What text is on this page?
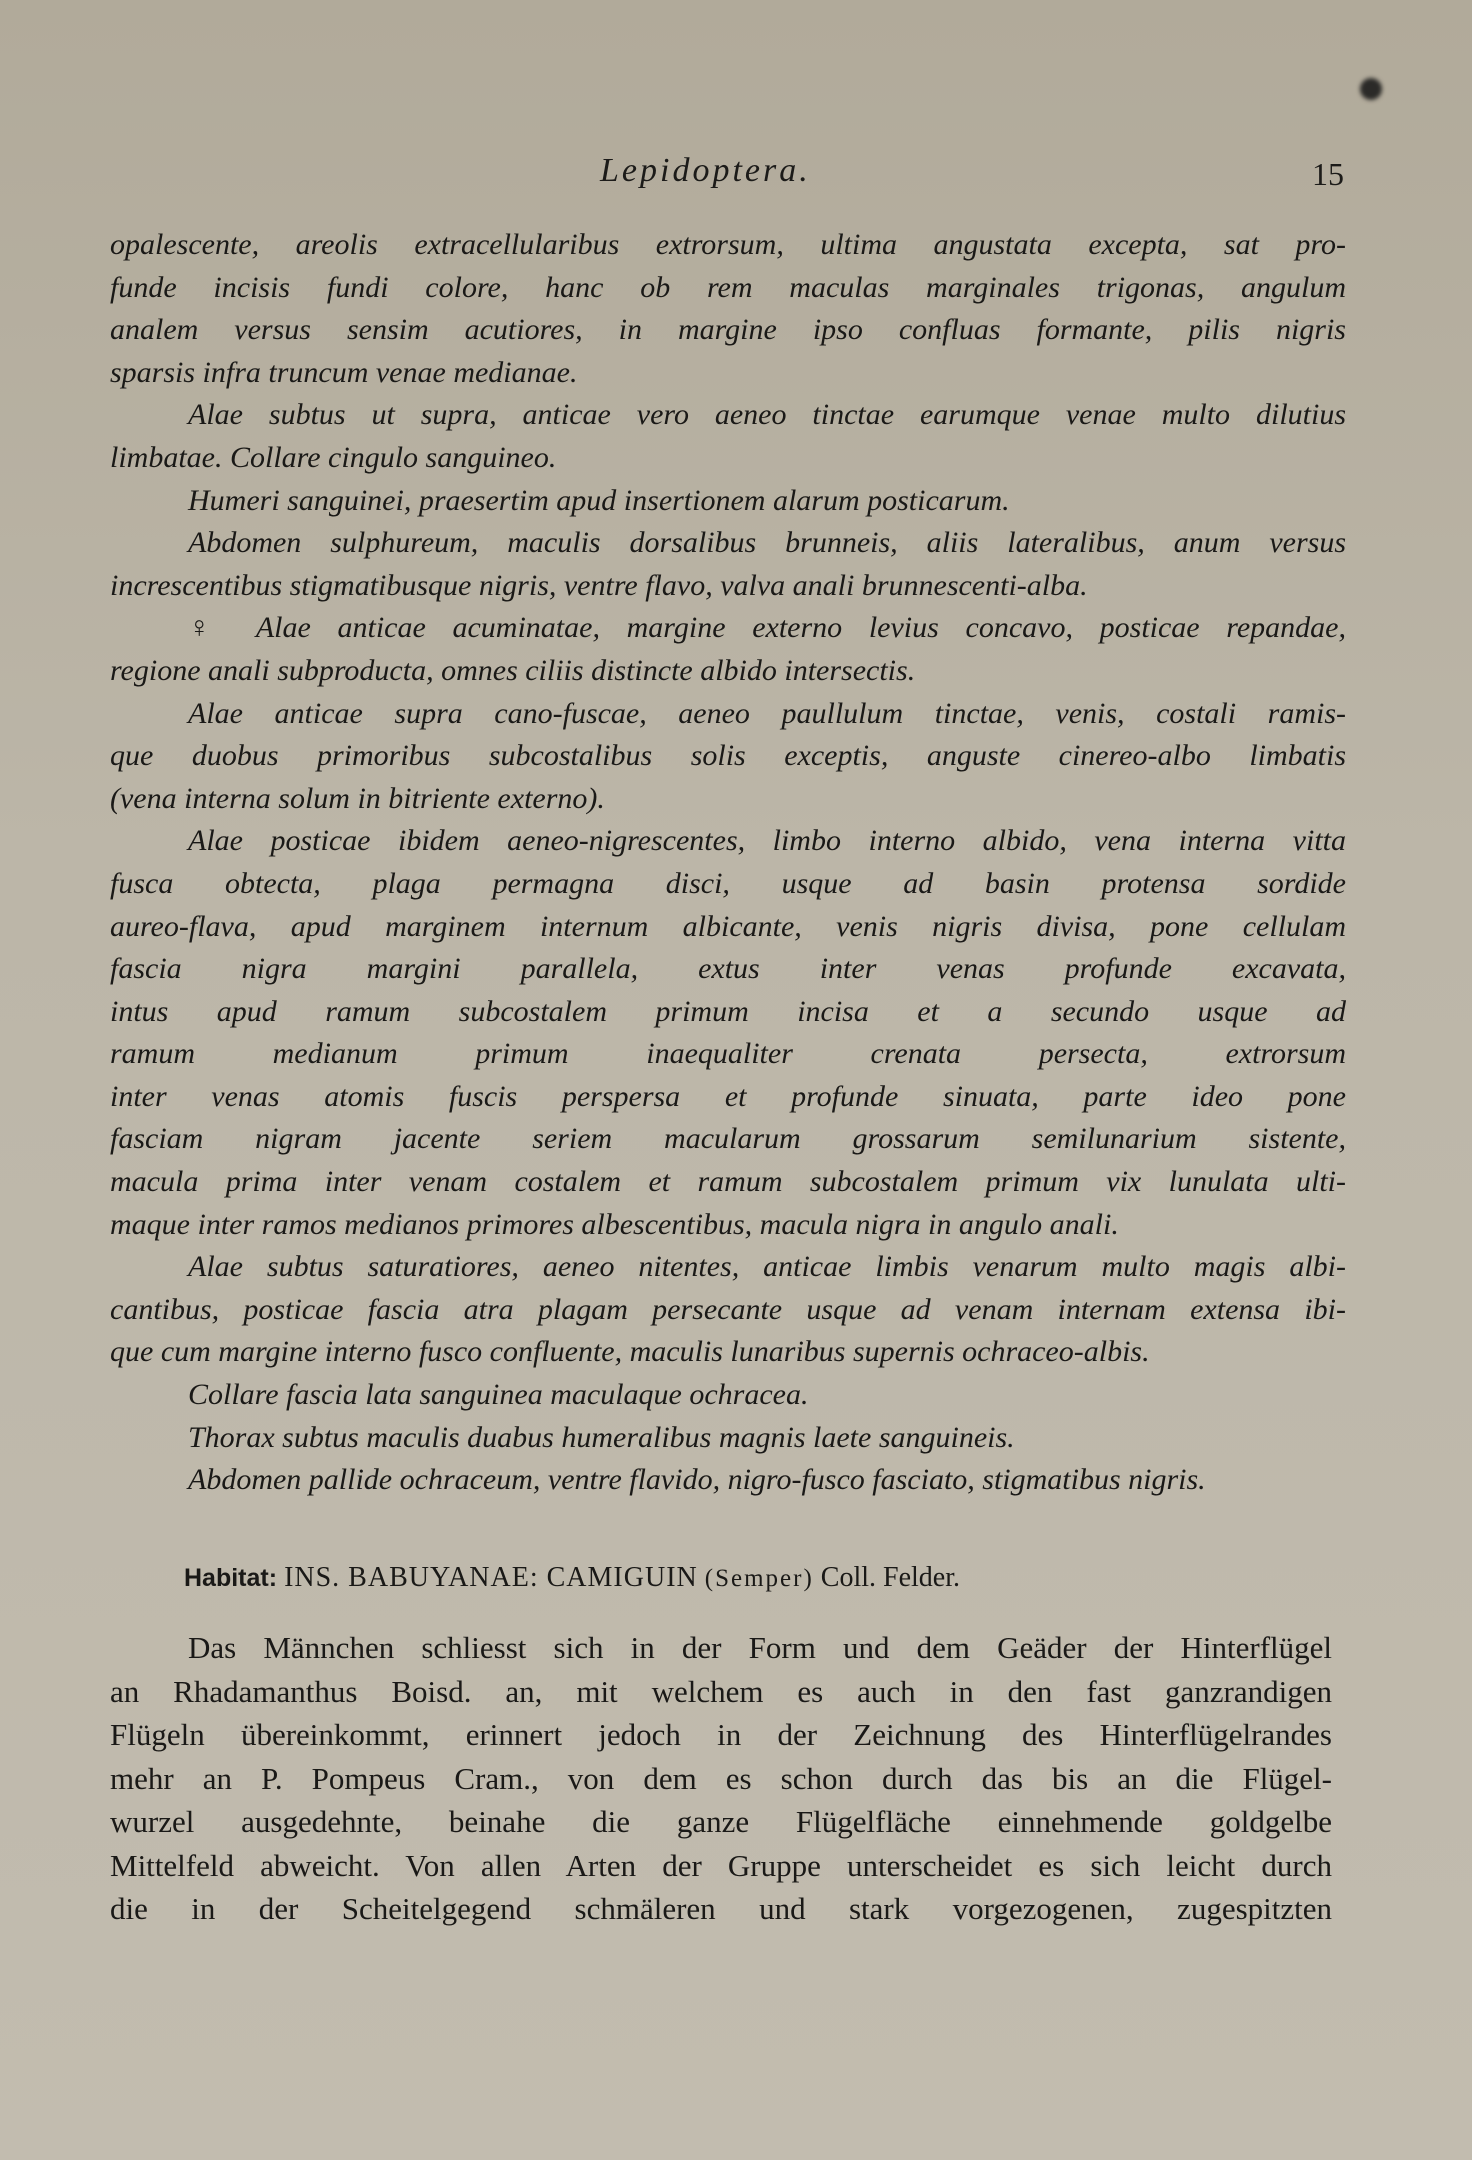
Lepidoptera.	15
opalescente, areolis extracellularibus extrorsum, ultima angustata excepta, sat pro-
funde incisis fundi colore, hanc ob rem maculas marginales trigonas, angulum
analem versus sensim acutiores, in margine ipso confluas formante, pilis nigris
sparsis infra truncum venae medianae.
Alae subtus ut supra, anticae vero aeneo tinctae earumque venae multo dilutius
limbatae. Collare cingulo sanguineo.
Humeri sanguinei, praesertim apud insertionem alarum posticarum.
Abdomen sulphureum, maculis dorsalibus brunneis, aliis lateralibus, anum versus
increscentibus stigmatibusque nigris, ventre flavo, valva anali brunnescenti-alba.
♀ Alae anticae acuminatae, margine externo levius concavo, posticae repandae,
regione anali subproducta, omnes ciliis distincte albido intersectis.
Alae anticae supra cano-fuscae, aeneo paullulum tinctae, venis, costali ramis-
que duobus primoribus subcostalibus solis exceptis, anguste cinereo-albo limbatis
(vena interna solum in bitriente externo).
Alae posticae ibidem aeneo-nigrescentes, limbo interno albido, vena interna vitta
fusca obtecta, plaga permagna disci, usque ad basin protensa sordide
aureo-flava, apud marginem internum albicante, venis nigris divisa, pone cellulam
fascia nigra margini parallela, extus inter venas profunde excavata,
intus apud ramum subcostalem primum incisa et a secundo usque ad
ramum medianum primum inaequaliter crenata persecta, extrorsum
inter venas atomis fuscis perspersa et profunde sinuata, parte ideo pone
fasciam nigram jacente seriem macularum grossarum semilunarium sistente,
macula prima inter venam costalem et ramum subcostalem primum vix lunulata ulti-
maque inter ramos medianos primores albescentibus, macula nigra in angulo anali.
Alae subtus saturatiores, aeneo nitentes, anticae limbis venarum multo magis albi-
cantibus, posticae fascia atra plagam persecante usque ad venam internam extensa ibi-
que cum margine interno fusco confluente, maculis lunaribus supernis ochraceo-albis.
Collare fascia lata sanguinea maculaque ochracea.
Thorax subtus maculis duabus humeralibus magnis laete sanguineis.
Abdomen pallide ochraceum, ventre flavido, nigro-fusco fasciato, stigmatibus nigris.
Habitat: INS. BABUYANAE: CAMIGUIN (Semper) Coll. Felder.
Das Männchen schliesst sich in der Form und dem Geäder der Hinterflügel
an Rhadamanthus Boisd. an, mit welchem es auch in den fast ganzrandigen
Flügeln übereinkommt, erinnert jedoch in der Zeichnung des Hinterflügelrandes
mehr an P. Pompeus Cram., von dem es schon durch das bis an die Flügel-
wurzel ausgedehnte, beinahe die ganze Flügelfläche einnehmende goldgelbe
Mittelfeld abweicht. Von allen Arten der Gruppe unterscheidet es sich leicht durch
die in der Scheitelgegend schmäleren und stark vorgezogenen, zugespitzten
